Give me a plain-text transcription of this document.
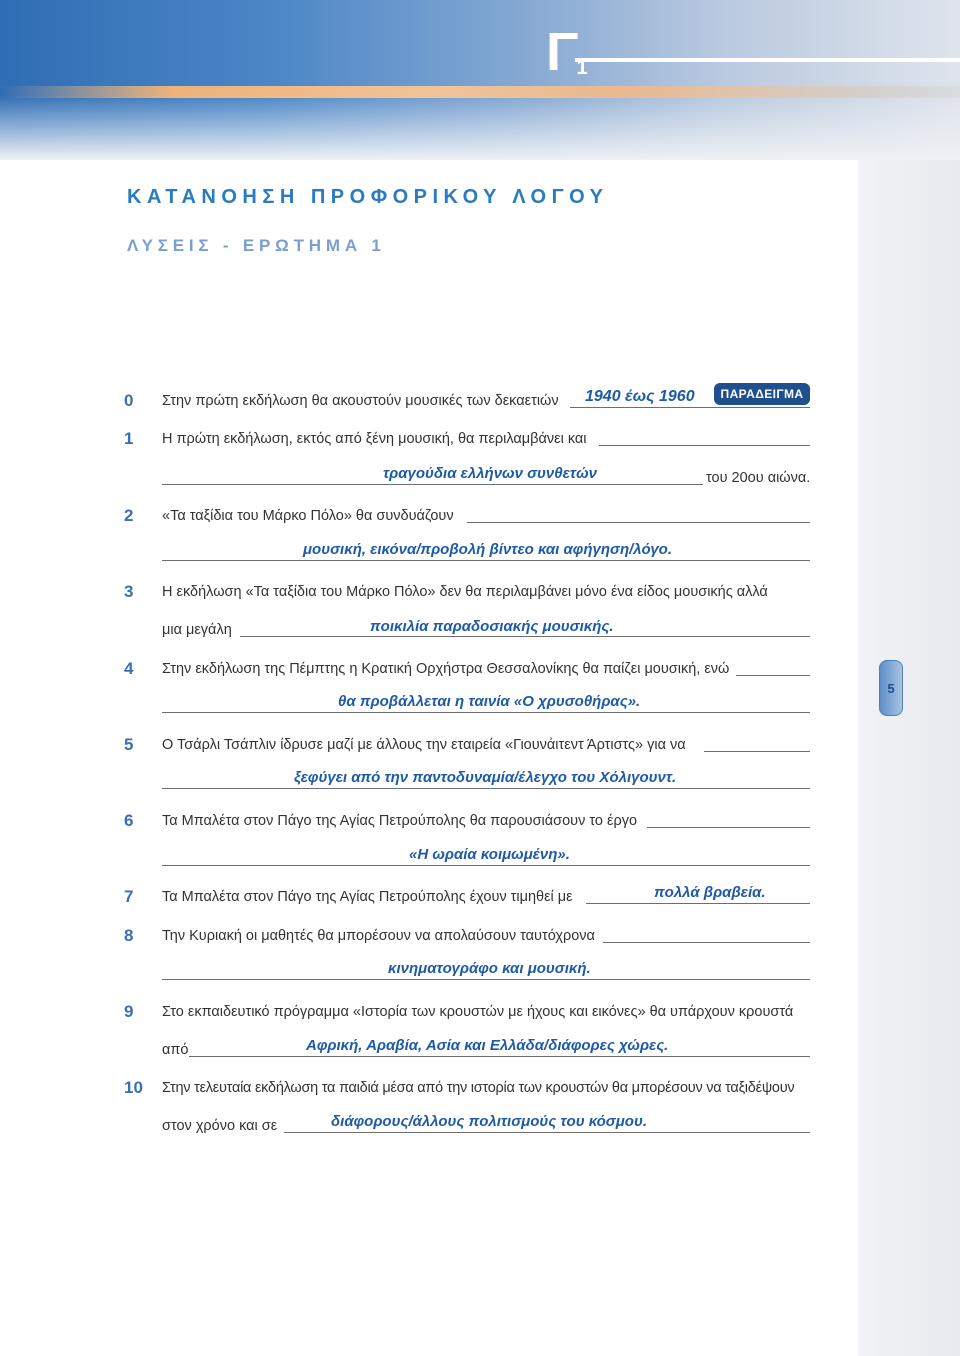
Γ1
5
ΚΑΤΑΝΟΗΣΗ ΠΡΟΦΟΡΙΚΟΥ ΛΟΓΟΥ
ΛΥΣΕΙΣ - ΕΡΩΤΗΜΑ 1
0 Στην πρώτη εκδήλωση θα ακουστούν μουσικές των δεκαετιών 1940 έως 1960	ΠΑΡΑΔΕΙΓΜΑ
1 Η πρώτη εκδήλωση, εκτός από ξένη μουσική, θα περιλαμβάνει και
τραγούδια ελλήνων συνθετών	του 20ου αιώνα.
2 «Τα ταξίδια του Μάρκο Πόλο» θα συνδυάζουν
μουσική, εικόνα/προβολή βίντεο και αφήγηση/λόγο.
3 Η εκδήλωση «Τα ταξίδια του Μάρκο Πόλο» δεν θα περιλαμβάνει μόνο ένα είδος μουσικής αλλά
μια μεγάλη	ποικιλία παραδοσιακής μουσικής.
4 Στην εκδήλωση της Πέμπτης η Κρατική Ορχήστρα Θεσσαλονίκης θα παίζει μουσική, ενώ
θα προβάλλεται η ταινία «Ο χρυσοθήρας».
5 Ο Τσάρλι Τσάπλιν ίδρυσε μαζί με άλλους την εταιρεία «Γιουνάιτεντ Άρτιστς» για να
ξεφύγει από την παντοδυναμία/έλεγχο του Χόλιγουντ.
6 Τα Μπαλέτα στον Πάγο της Αγίας Πετρούπολης θα παρουσιάσουν το έργο
«Η ωραία κοιμωμένη».
7 Τα Μπαλέτα στον Πάγο της Αγίας Πετρούπολης έχουν τιμηθεί με	πολλά βραβεία.
8 Την Κυριακή οι μαθητές θα μπορέσουν να απολαύσουν ταυτόχρονα
κινηματογράφο και μουσική.
9 Στο εκπαιδευτικό πρόγραμμα «Ιστορία των κρουστών με ήχους και εικόνες» θα υπάρχουν κρουστά
από	Αφρική, Αραβία, Ασία και Ελλάδα/διάφορες χώρες.
10 Στην τελευταία εκδήλωση τα παιδιά μέσα από την ιστορία των κρουστών θα μπορέσουν να ταξιδέψουν
στον χρόνο και σε	διάφορους/άλλους πολιτισμούς του κόσμου.
